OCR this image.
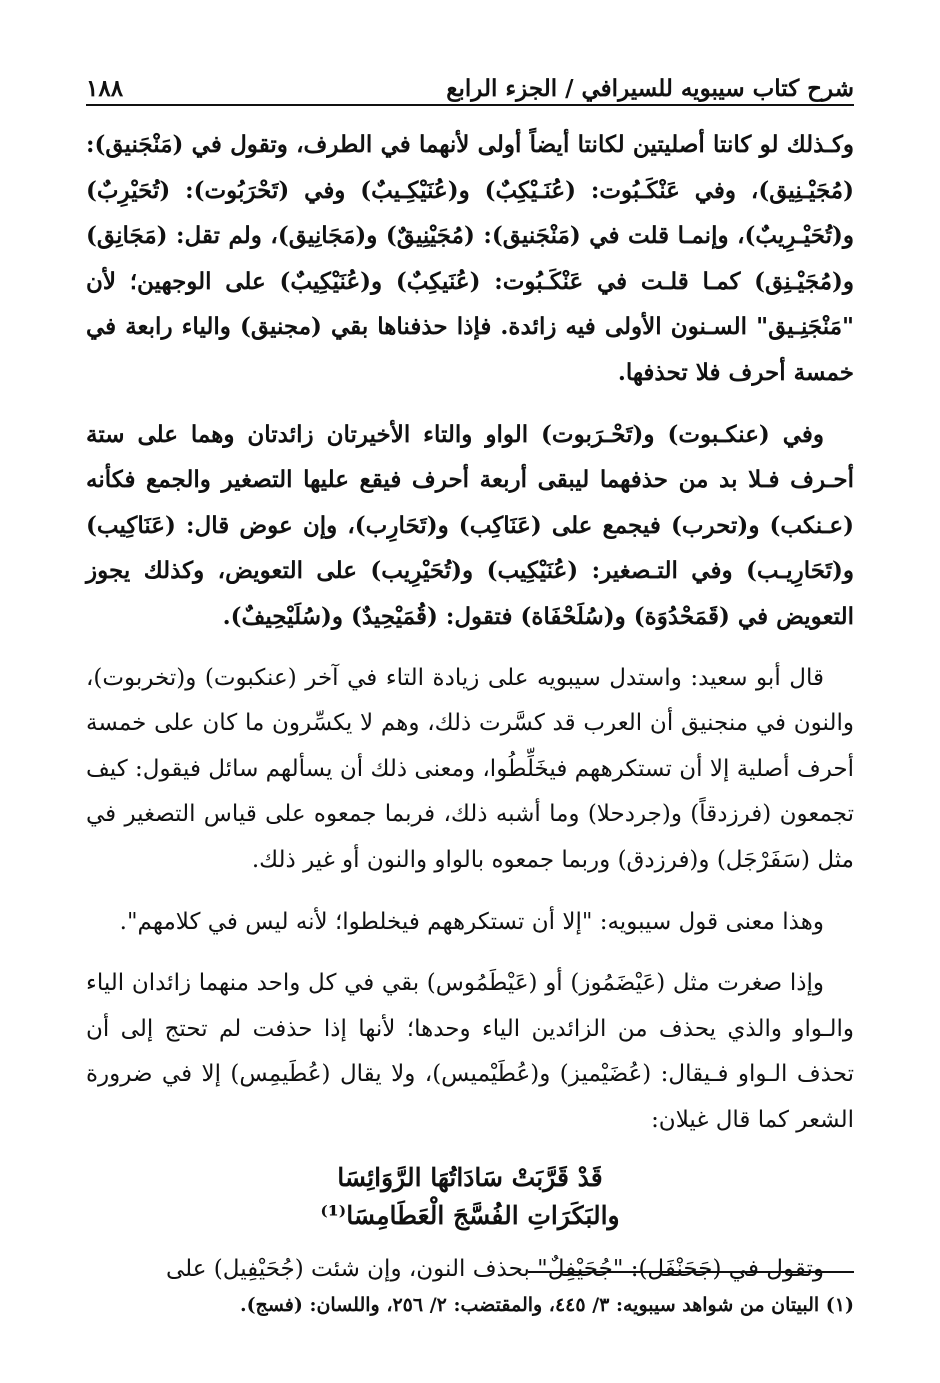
شرح كتاب سيبويه للسيرافي / الجزء الرابع
١٨٨

وكـذلك لو كانتا أصليتين لكانتا أيضاً أولى لأنهما في الطرف، وتقول في (مَنْجَنيق): (مُجَيْـنِيق)، وفي عَنْكَـبُوت: (عُنَـيْكِبٌ) و(عُنَيْكِـيبٌ) وفي (تَحْرَبُوت): (تُحَيْرِبٌ) و(تُحَيْـرِيبٌ)، وإنمـا قلت في (مَنْجَنيق): (مُجَيْنِيقٌ) و(مَجَانِيق)، ولم تقل: (مَجَانِق) و(مُجَيْـنِق) كمـا قلـت في عَنْكَـبُوت: (عُنَيكِبٌ) و(عُنَيْكِيبٌ) على الوجهين؛ لأن "مَنْجَنِـيق" السـنون الأولى فيه زائدة. فإذا حذفناها بقي (مجنيق) والياء رابعة في خمسة أحرف فلا تحذفها.

وفي (عنكـبوت) و(تَحْـرَبوت) الواو والتاء الأخيرتان زائدتان وهما على ستة أحـرف فـلا بد من حذفهما ليبقى أربعة أحرف فيقع عليها التصغير والجمع فكأنه (عـنكب) و(تحرب) فيجمع على (عَنَاكِب) و(تَحَارِب)، وإن عوض قال: (عَنَاكِيب) و(تَحَارِيـب) وفي التـصغير: (عُنَيْكِيب) و(تُحَيْرِيب) على التعويض، وكذلك يجوز التعويض في (قَمَحْدُوَة) و(سُلَحْفَاة) فتقول: (قُمَيْحِيدٌ) و(سُلَيْحِيفٌ).

قال أبو سعيد: واستدل سيبويه على زيادة التاء في آخر (عنكبوت) و(تخربوت)، والنون في منجنيق أن العرب قد كسَّرت ذلك، وهم لا يكسِّرون ما كان على خمسة أحرف أصلية إلا أن تستكرههم فيخَلِّطُوا، ومعنى ذلك أن يسألهم سائل فيقول: كيف تجمعون (فرزدقاً) و(جردحلا) وما أشبه ذلك، فربما جمعوه على قياس التصغير في مثل (سَفَرْجَل) و(فرزدق) وربما جمعوه بالواو والنون أو غير ذلك.

وهذا معنى قول سيبويه: "إلا أن تستكرههم فيخلطوا؛ لأنه ليس في كلامهم".

وإذا صغرت مثل (عَيْضَمُوز) أو (عَيْطَمُوس) بقي في كل واحد منهما زائدان الياء والـواو والذي يحذف من الزائدين الياء وحدها؛ لأنها إذا حذفت لم تحتج إلى أن تحذف الـواو فـيقال: (عُضَيْميز) و(عُطَيْميس)، ولا يقال (عُطَيمِس) إلا في ضرورة الشعر كما قال غيلان:

قَدْ قَرَّبَتْ سَادَاتُهَا الرَّوَائِسَا
والبَكَرَاتِ الفُسَّجَ الْعَطَامِسَا⁽¹⁾

وتقول في (جَحَنْفَل): "جُحَيْفِلٌ" بحذف النون، وإن شئت (جُحَيْفِيل) على

(١) البيتان من شواهد سيبويه: ٣/ ٤٤٥، والمقتضب: ٢/ ٢٥٦، واللسان: (فسج).
